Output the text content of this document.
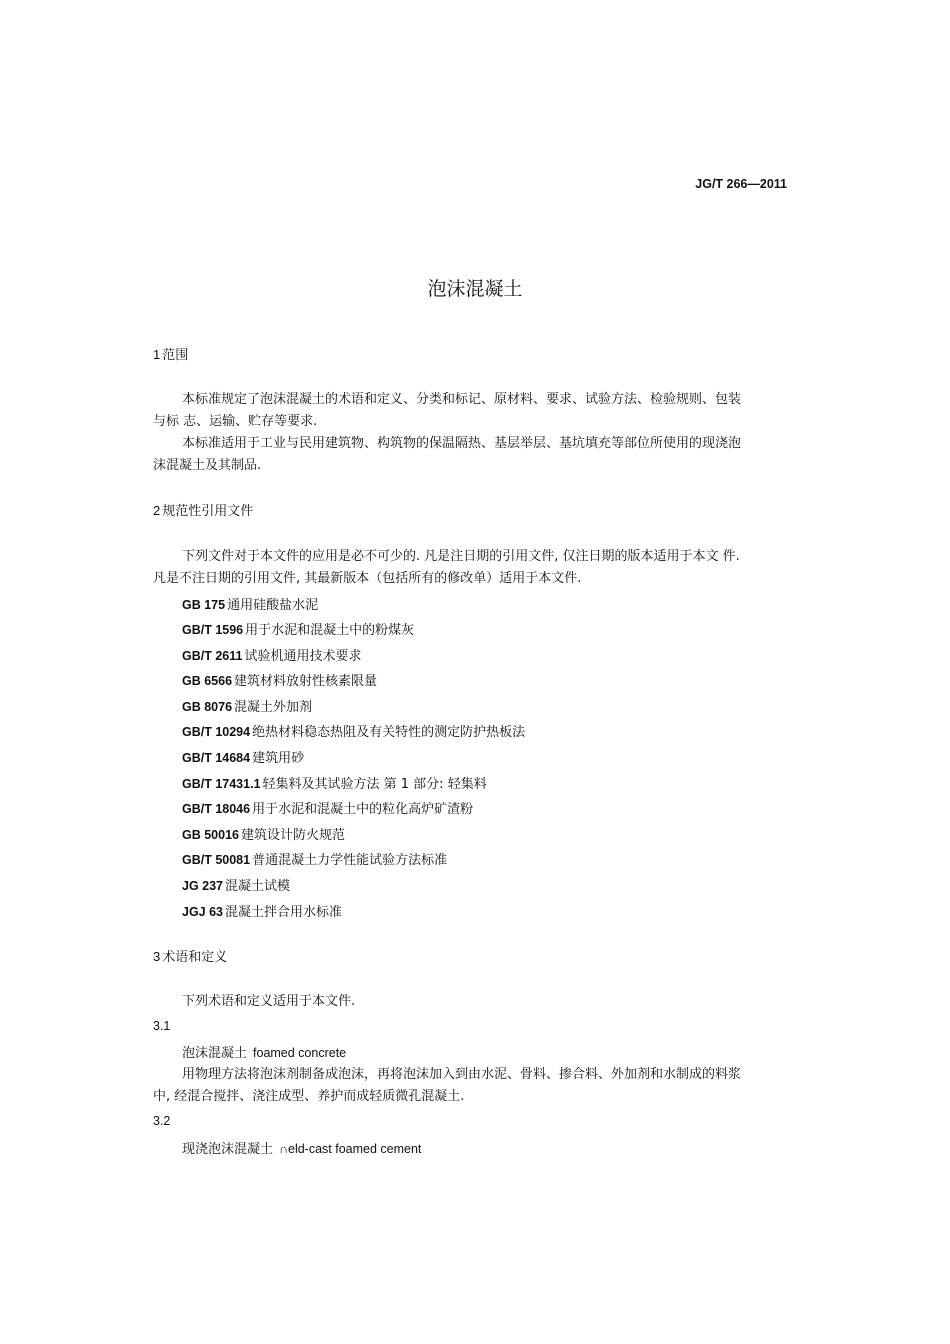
JG/T 266—2011
泡沫混凝土
1 范围
本标准规定了泡沫混凝土的术语和定义、分类和标记、原材料、要求、试验方法、检验规则、包装
与标 志、运输、贮存等要求.
本标准适用于工业与民用建筑物、构筑物的保温隔热、基层举层、基坑填充等部位所使用的现浇泡
沫混凝土及其制品.
2 规范性引用文件
下列文件对于本文件的应用是必不可少的. 凡是注日期的引用文件, 仅注日期的版本适用于本文 件.
凡是不注日期的引用文件, 其最新版本（包括所有的修改单）适用于本文件.
GB 175 通用硅酸盐水泥
GB/T 1596 用于水泥和混凝土中的粉煤灰
GB/T 2611 试验机通用技术要求
GB 6566 建筑材料放射性核素限量
GB 8076 混凝土外加剂
GB/T 10294 绝热材料稳态热阻及有关特性的测定防护热板法
GB/T 14684 建筑用砂
GB/T 17431.1 轻集料及其试验方法 第 1 部分: 轻集料
GB/T 18046 用于水泥和混凝土中的粒化高炉矿渣粉
GB 50016 建筑设计防火规范
GB/T 50081 普通混凝土力学性能试验方法标准
JG 237 混凝土试模
JGJ 63 混凝土拌合用水标准
3 术语和定义
下列术语和定义适用于本文件.
3.1
泡沫混凝土 foamed concrete
用物理方法将泡沫剂制备成泡沫，再将泡沫加入到由水泥、骨料、掺合料、外加剂和水制成的料浆
中, 经混合搅拌、浇注成型、养护而成轻质微孔混凝土.
3.2
现浇泡沫混凝土 ∩eld-cast foamed cement
